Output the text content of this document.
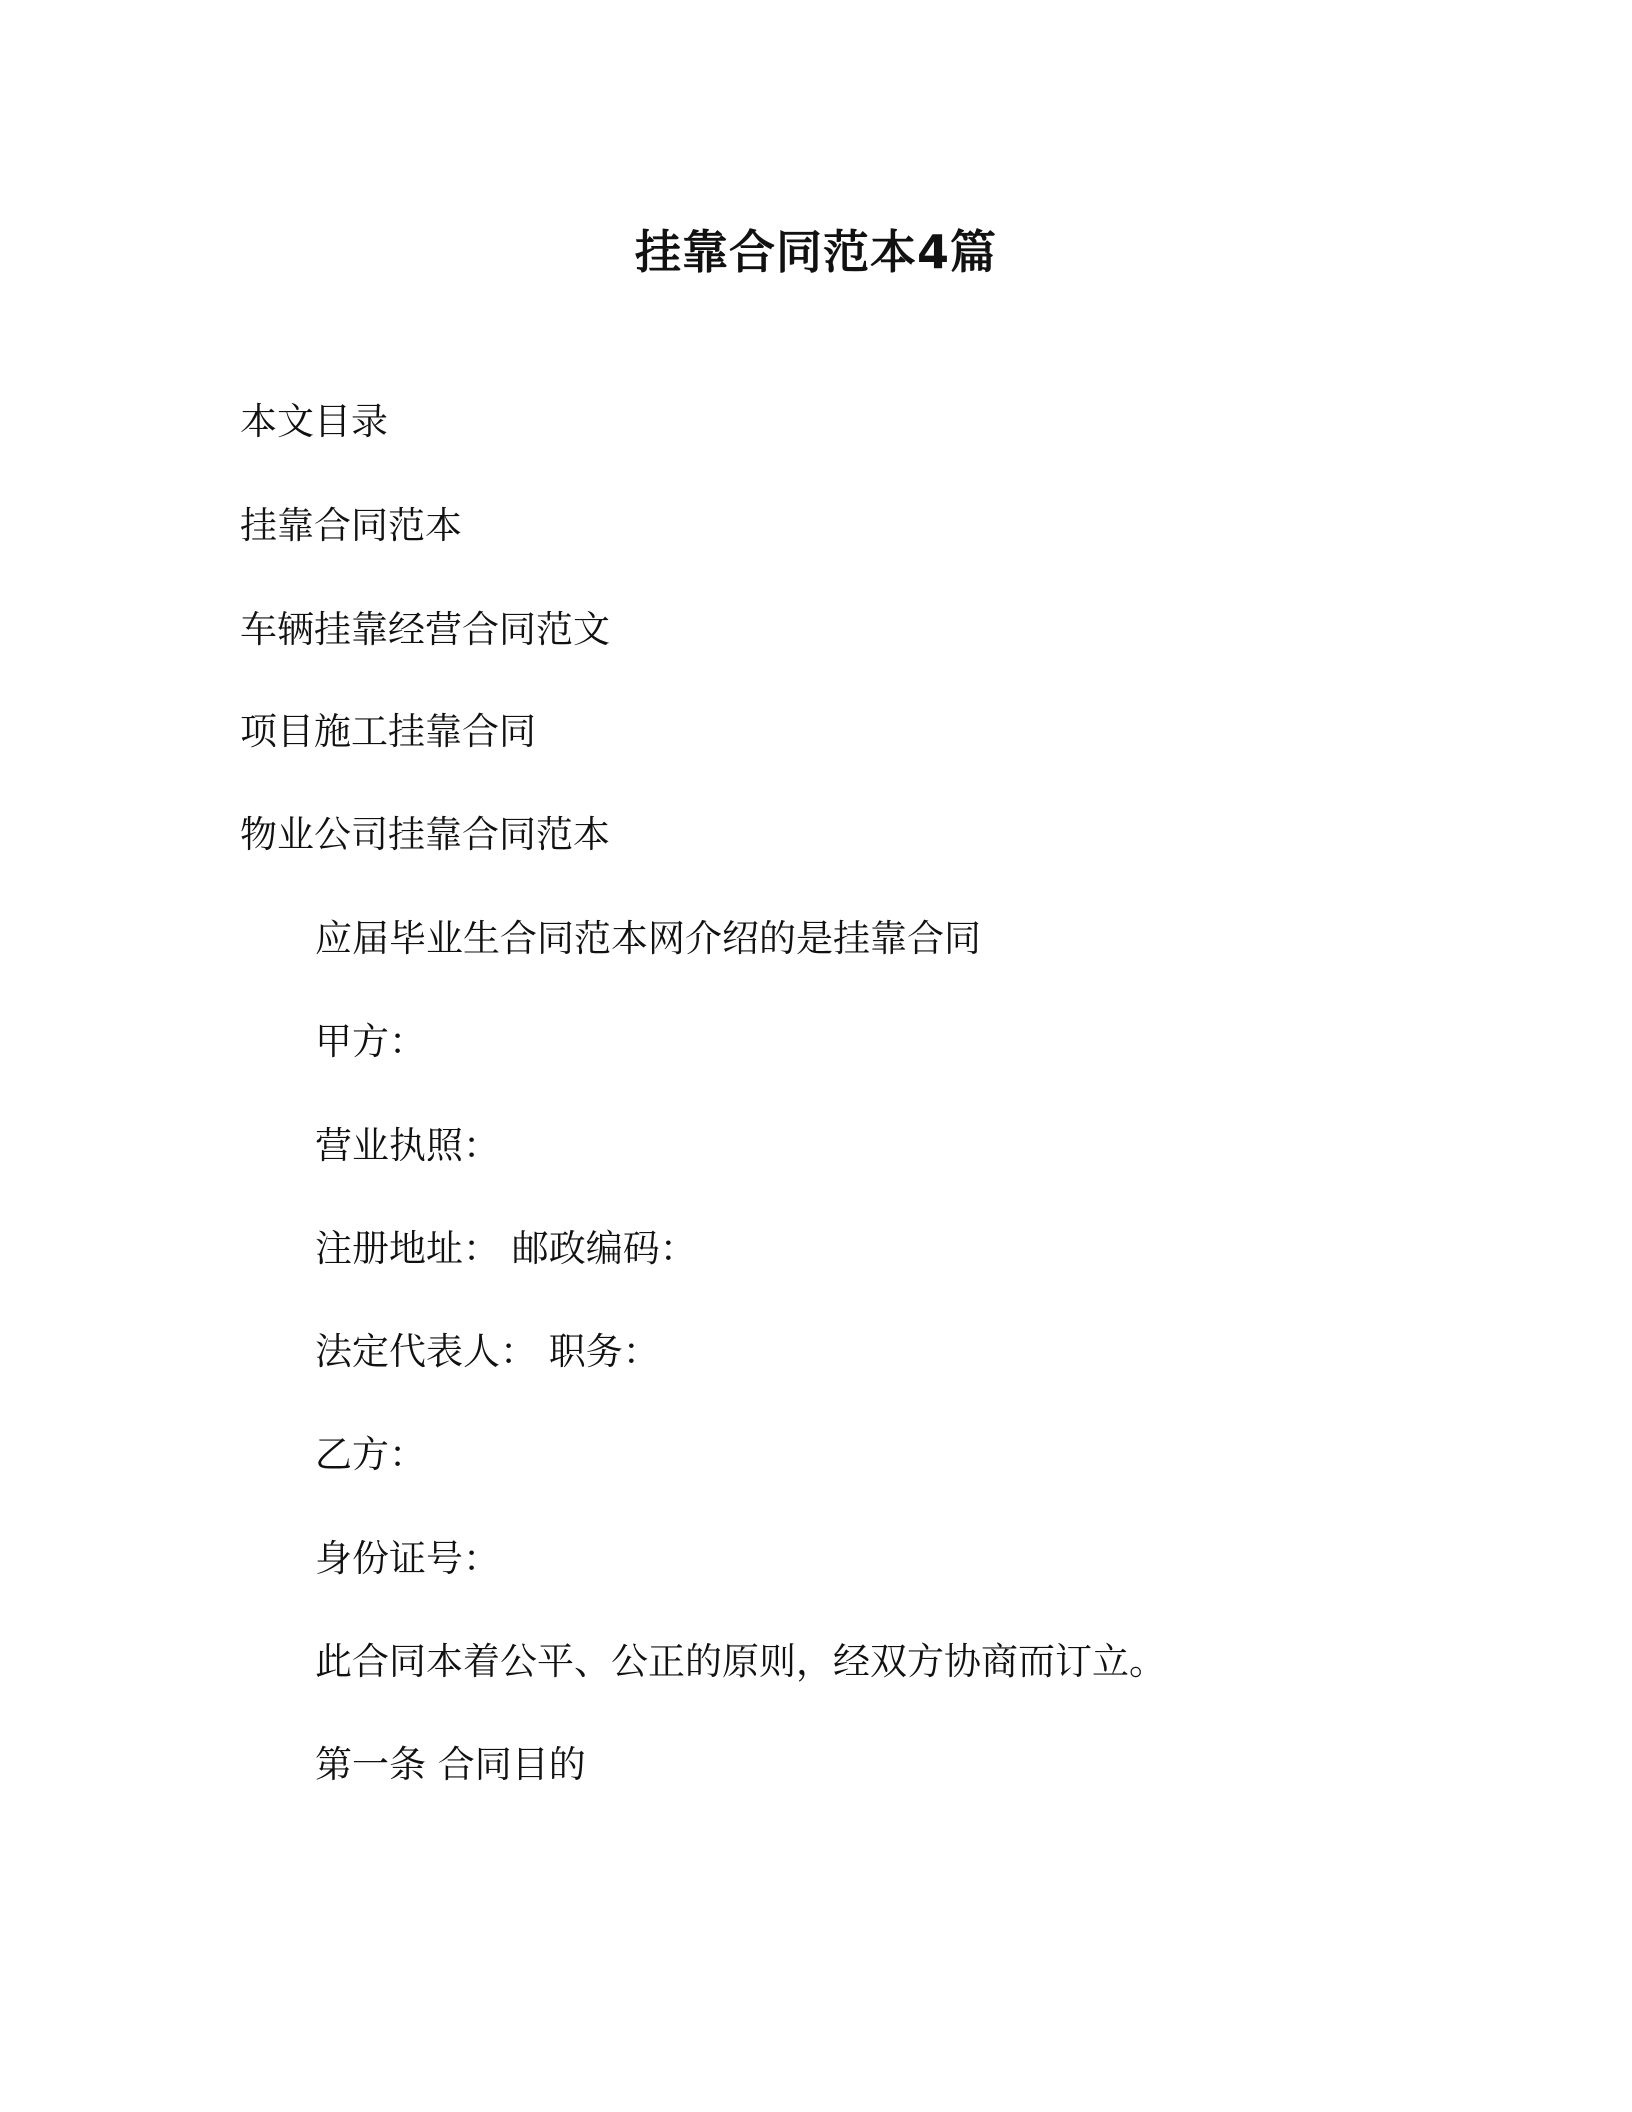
挂靠合同范本4篇
本文目录
挂靠合同范本
车辆挂靠经营合同范文
项目施工挂靠合同
物业公司挂靠合同范本
应届毕业生合同范本网介绍的是挂靠合同
甲方：
营业执照：
注册地址： 邮政编码：
法定代表人： 职务：
乙方：
身份证号：
此合同本着公平、公正的原则，经双方协商而订立。
第一条 合同目的
